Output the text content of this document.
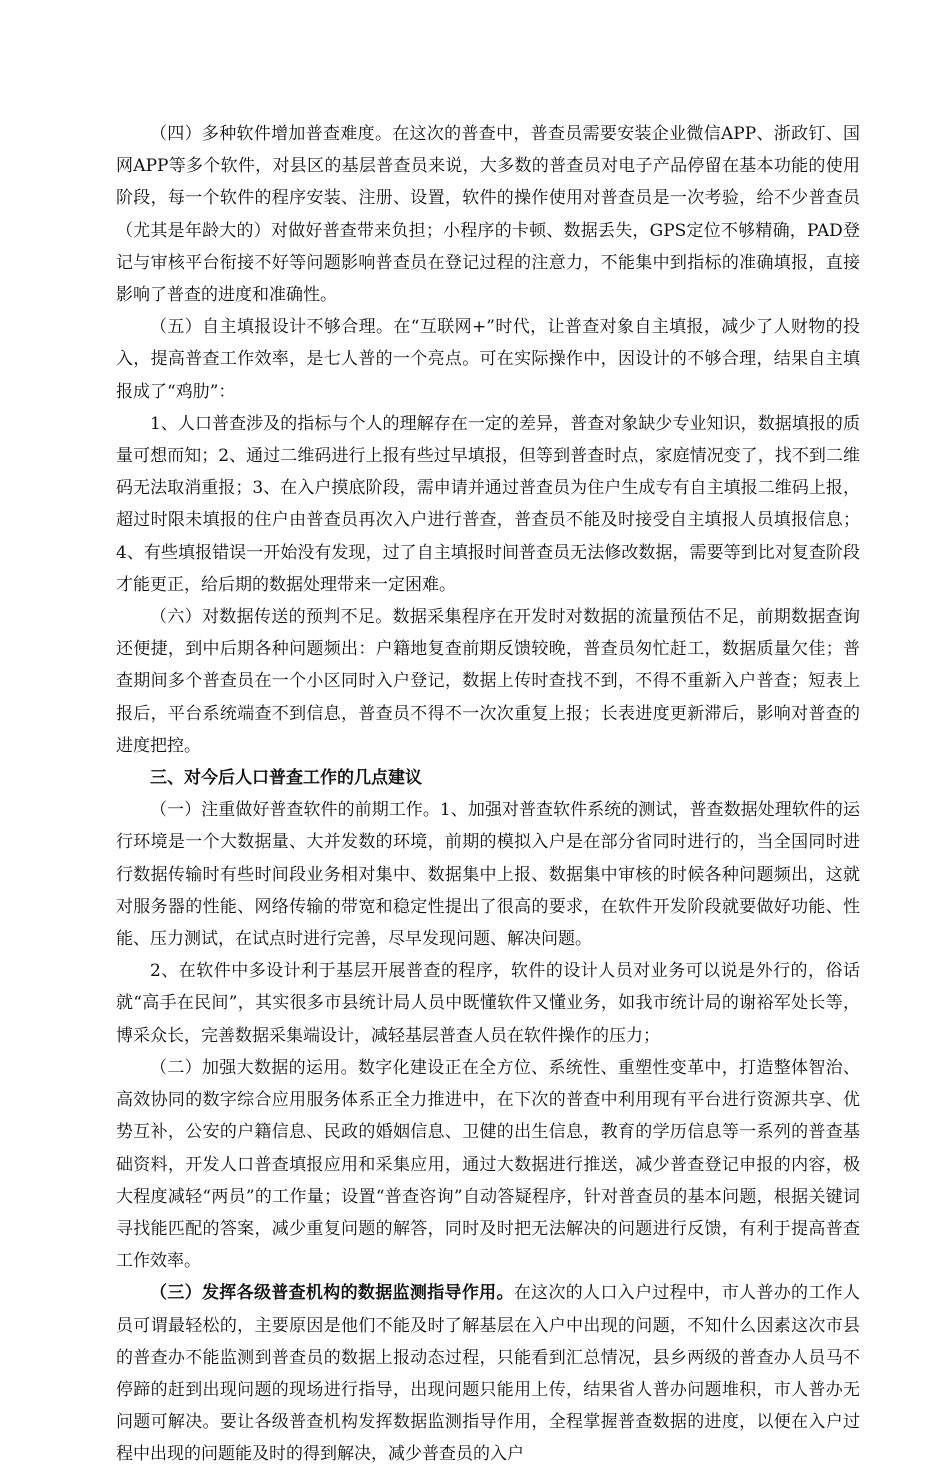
（四）多种软件增加普查难度。在这次的普查中，普查员需要安装企业微信APP、浙政钉、国网APP等多个软件，对县区的基层普查员来说，大多数的普查员对电子产品停留在基本功能的使用阶段，每一个软件的程序安装、注册、设置，软件的操作使用对普查员是一次考验，给不少普查员（尤其是年龄大的）对做好普查带来负担；小程序的卡顿、数据丢失，GPS定位不够精确，PAD登记与审核平台衔接不好等问题影响普查员在登记过程的注意力，不能集中到指标的准确填报，直接影响了普查的进度和准确性。

（五）自主填报设计不够合理。在“互联网+”时代，让普查对象自主填报，减少了人财物的投入，提高普查工作效率，是七人普的一个亮点。可在实际操作中，因设计的不够合理，结果自主填报成了“鸡肋”：

1、人口普查涉及的指标与个人的理解存在一定的差异，普查对象缺少专业知识，数据填报的质量可想而知；2、通过二维码进行上报有些过早填报，但等到普查时点，家庭情况变了，找不到二维码无法取消重报；3、在入户摸底阶段，需申请并通过普查员为住户生成专有自主填报二维码上报，超过时限未填报的住户由普查员再次入户进行普查，普查员不能及时接受自主填报人员填报信息；4、有些填报错误一开始没有发现，过了自主填报时间普查员无法修改数据，需要等到比对复查阶段才能更正，给后期的数据处理带来一定困难。

（六）对数据传送的预判不足。数据采集程序在开发时对数据的流量预估不足，前期数据查询还便捷，到中后期各种问题频出：户籍地复查前期反馈较晚，普查员匆忙赶工，数据质量欠佳；普查期间多个普查员在一个小区同时入户登记，数据上传时查找不到，不得不重新入户普查；短表上报后，平台系统端查不到信息，普查员不得不一次次重复上报；长表进度更新滞后，影响对普查的进度把控。

三、对今后人口普查工作的几点建议

（一）注重做好普查软件的前期工作。1、加强对普查软件系统的测试，普查数据处理软件的运行环境是一个大数据量、大并发数的环境，前期的模拟入户是在部分省同时进行的，当全国同时进行数据传输时有些时间段业务相对集中、数据集中上报、数据集中审核的时候各种问题频出，这就对服务器的性能、网络传输的带宽和稳定性提出了很高的要求，在软件开发阶段就要做好功能、性能、压力测试，在试点时进行完善，尽早发现问题、解决问题。

2、在软件中多设计利于基层开展普查的程序，软件的设计人员对业务可以说是外行的，俗话就“高手在民间”，其实很多市县统计局人员中既懂软件又懂业务，如我市统计局的谢裕军处长等，博采众长，完善数据采集端设计，减轻基层普查人员在软件操作的压力；

（二）加强大数据的运用。数字化建设正在全方位、系统性、重塑性变革中，打造整体智治、高效协同的数字综合应用服务体系正全力推进中，在下次的普查中利用现有平台进行资源共享、优势互补，公安的户籍信息、民政的婚姻信息、卫健的出生信息，教育的学历信息等一系列的普查基础资料，开发人口普查填报应用和采集应用，通过大数据进行推送，减少普查登记申报的内容，极大程度减轻“两员”的工作量；设置“普查咨询”自动答疑程序，针对普查员的基本问题，根据关键词寻找能匹配的答案，减少重复问题的解答，同时及时把无法解决的问题进行反馈，有利于提高普查工作效率。

（三）发挥各级普查机构的数据监测指导作用。在这次的人口入户过程中，市人普办的工作人员可谓最轻松的，主要原因是他们不能及时了解基层在入户中出现的问题，不知什么因素这次市县的普查办不能监测到普查员的数据上报动态过程，只能看到汇总情况，县乡两级的普查办人员马不停蹄的赶到出现问题的现场进行指导，出现问题只能用上传，结果省人普办问题堆积，市人普办无问题可解决。要让各级普查机构发挥数据监测指导作用，全程掌握普查数据的进度，以便在入户过程中出现的问题能及时的得到解决，减少普查员的入户
